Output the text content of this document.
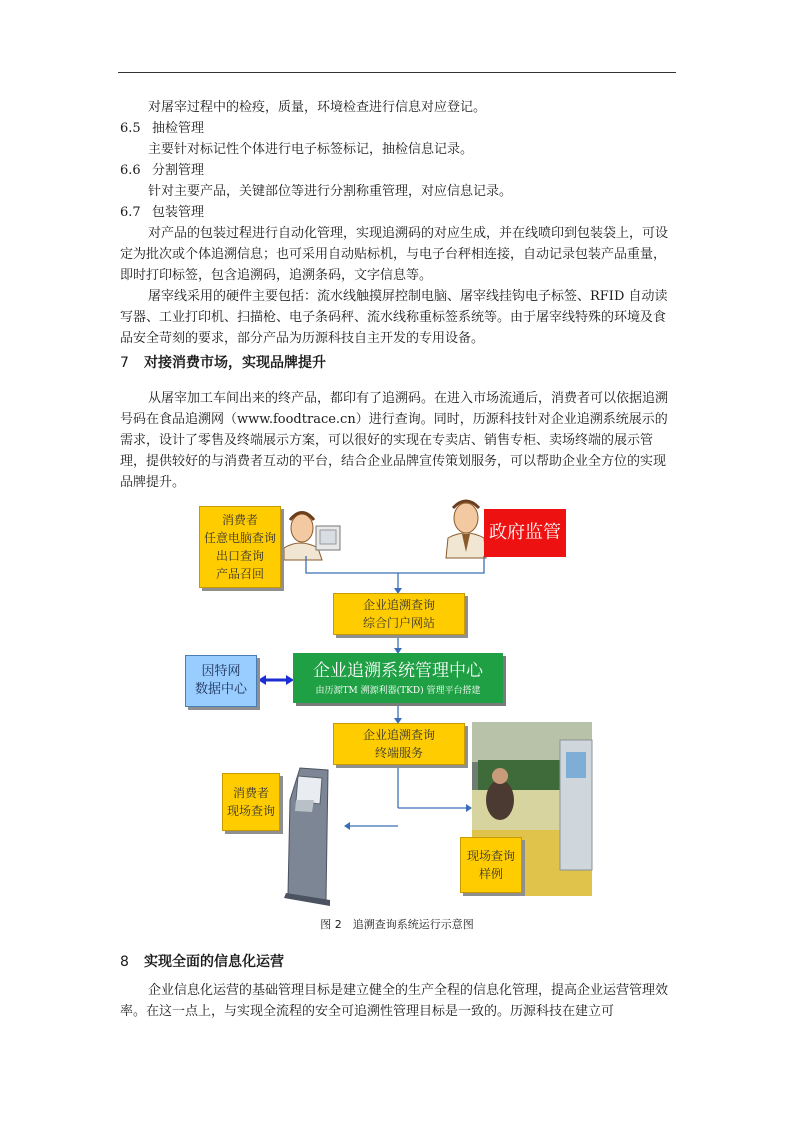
对屠宰过程中的检疫，质量，环境检查进行信息对应登记。

6.5 抽检管理

主要针对标记性个体进行电子标签标记，抽检信息记录。

6.6 分割管理

针对主要产品，关键部位等进行分割称重管理，对应信息记录。

6.7 包装管理

对产品的包装过程进行自动化管理，实现追溯码的对应生成，并在线喷印到包装袋上，可设定为批次或个体追溯信息；也可采用自动贴标机，与电子台秤相连接，自动记录包装产品重量，即时打印标签，包含追溯码，追溯条码，文字信息等。

屠宰线采用的硬件主要包括：流水线触摸屏控制电脑、屠宰线挂钩电子标签、RFID 自动读写器、工业打印机、扫描枪、电子条码秤、流水线称重标签系统等。由于屠宰线特殊的环境及食品安全苛刻的要求，部分产品为历源科技自主开发的专用设备。

7 对接消费市场，实现品牌提升

从屠宰加工车间出来的终产品，都印有了追溯码。在进入市场流通后，消费者可以依据追溯号码在食品追溯网（www.foodtrace.cn）进行查询。同时，历源科技针对企业追溯系统展示的需求，设计了零售及终端展示方案，可以很好的实现在专卖店、销售专柜、卖场终端的展示管理，提供较好的与消费者互动的平台，结合企业品牌宣传策划服务，可以帮助企业全方位的实现品牌提升。

消费者
任意电脑查询
出口查询
产品召回
政府监管
企业追溯查询
综合门户网站
因特网
数据中心
企业追溯系统管理中心
由历源TM 溯源利器(TKD) 管理平台搭建
企业追溯查询
终端服务
消费者
现场查询
现场查询
样例
图 2　追溯查询系统运行示意图

8 实现全面的信息化运营

企业信息化运营的基础管理目标是建立健全的生产全程的信息化管理，提高企业运营管理效率。在这一点上，与实现全流程的安全可追溯性管理目标是一致的。历源科技在建立可
